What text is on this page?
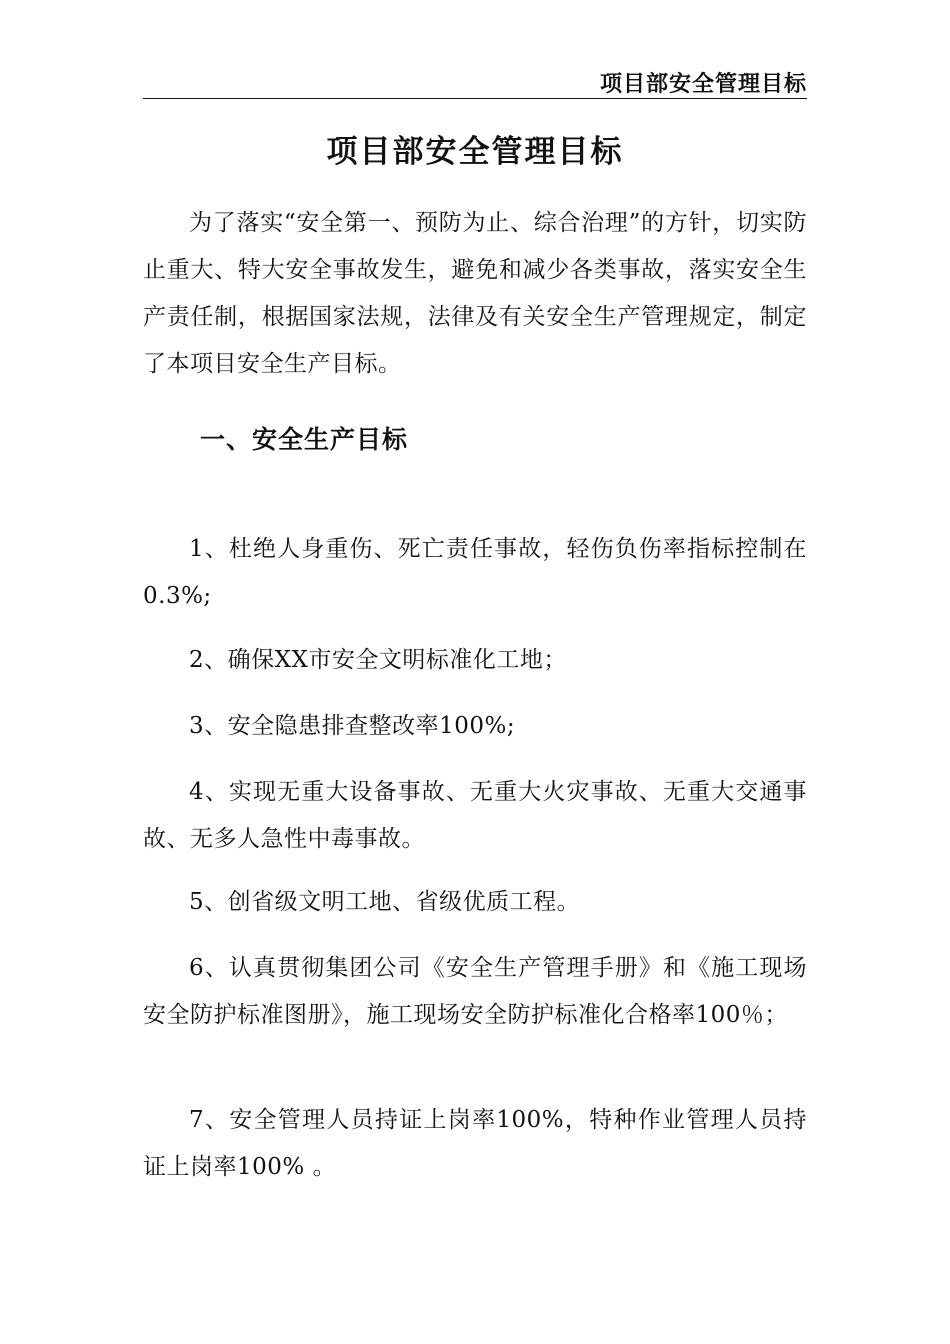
项目部安全管理目标
项目部安全管理目标

为了落实“安全第一、预防为止、综合治理”的方针，切实防止重大、特大安全事故发生，避免和减少各类事故，落实安全生产责任制，根据国家法规，法律及有关安全生产管理规定，制定了本项目安全生产目标。

一、安全生产目标

1、杜绝人身重伤、死亡责任事故，轻伤负伤率指标控制在0.3%;

2、确保XX市安全文明标准化工地；

3、安全隐患排查整改率100%;

4、实现无重大设备事故、无重大火灾事故、无重大交通事故、无多人急性中毒事故。

5、创省级文明工地、省级优质工程。

6、认真贯彻集团公司《安全生产管理手册》和《施工现场安全防护标准图册》，施工现场安全防护标准化合格率100％；

7、安全管理人员持证上岗率100%，特种作业管理人员持证上岗率100% 。
